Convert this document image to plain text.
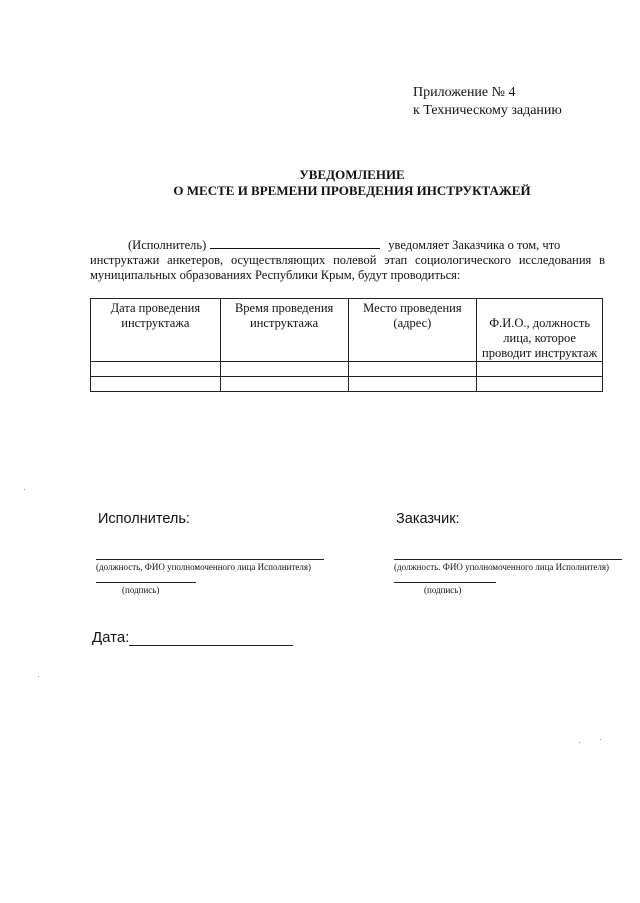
Приложение № 4
к Техническому заданию
УВЕДОМЛЕНИЕ
О МЕСТЕ И ВРЕМЕНИ ПРОВЕДЕНИЯ ИНСТРУКТАЖЕЙ
(Исполнитель)	уведомляет Заказчика о том, что
инструктажи анкетеров, осуществляющих полевой этап социологического исследования в муниципальных образованиях Республики Крым, будут проводиться:
Дата проведения инструктажа	Время проведения инструктажа	Место проведения (адрес)	Ф.И.О., должность лица, которое проводит инструктаж

Исполнитель:
(должность, ФИО уполномоченного лица Исполнителя)
(подпись)
Заказчик:
(должность. ФИО уполномоченного лица Исполнителя)
(подпись)
Дата:
